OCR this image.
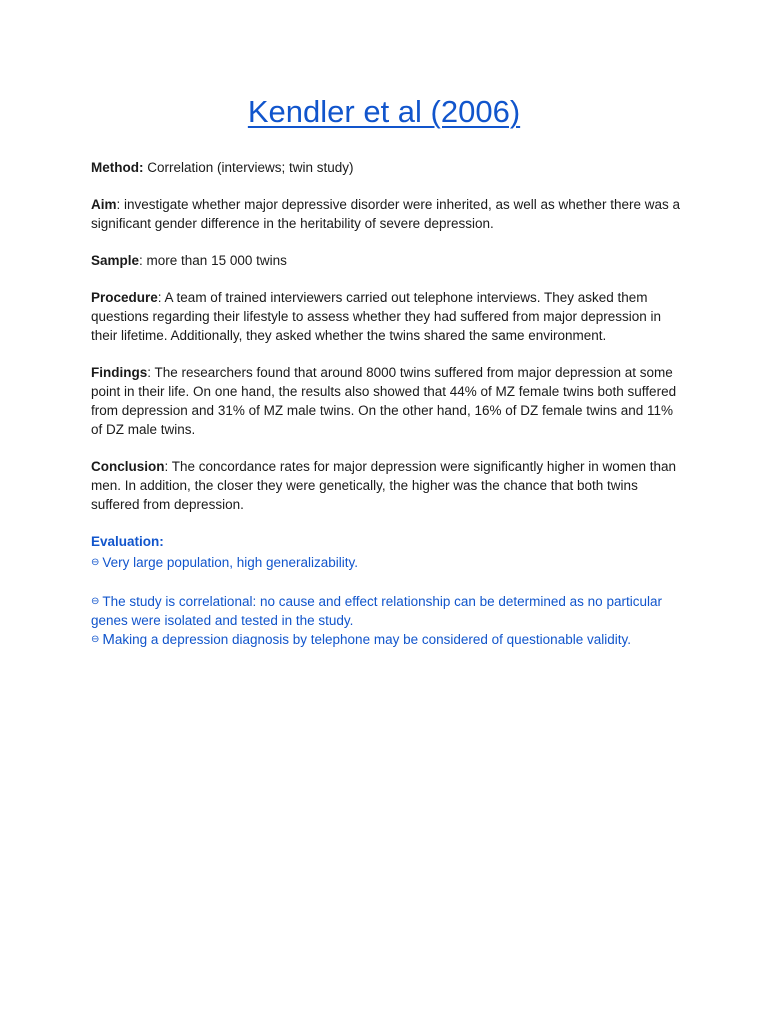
Kendler et al (2006)

Method: Correlation (interviews; twin study)

Aim: investigate whether major depressive disorder were inherited, as well as whether there was a significant gender difference in the heritability of severe depression.

Sample: more than 15 000 twins

Procedure: A team of trained interviewers carried out telephone interviews. They asked them questions regarding their lifestyle to assess whether they had suffered from major depression in their lifetime. Additionally, they asked whether the twins shared the same environment.

Findings: The researchers found that around 8000 twins suffered from major depression at some point in their life. On one hand, the results also showed that 44% of MZ female twins both suffered from depression and 31% of MZ male twins. On the other hand, 16% of DZ female twins and 11% of DZ male twins.

Conclusion: The concordance rates for major depression were significantly higher in women than men. In addition, the closer they were genetically, the higher was the chance that both twins suffered from depression.

Evaluation:

⊖ Very large population, high generalizability.

⊖ The study is correlational: no cause and effect relationship can be determined as no particular genes were isolated and tested in the study.

⊖ Making a depression diagnosis by telephone may be considered of questionable validity.
